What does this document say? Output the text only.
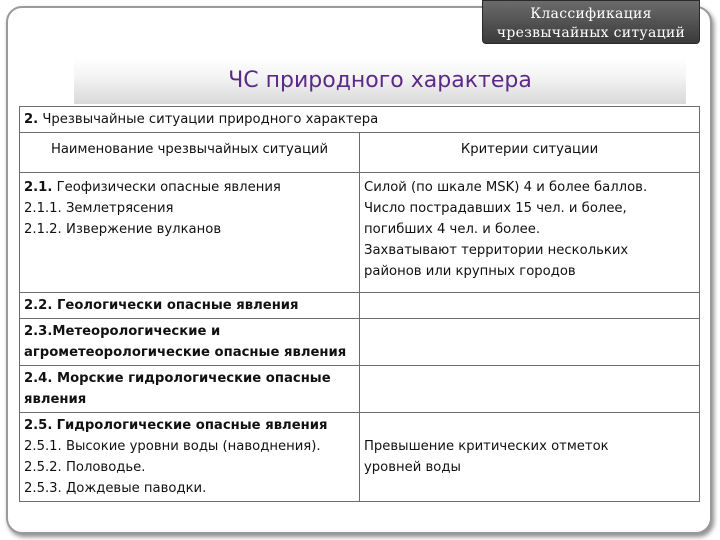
Классификация
чрезвычайных ситуаций
ЧС природного характера
2. Чрезвычайные ситуации природного характера	
Наименование чрезвычайных ситуаций	Критерии ситуации

2.1. Геофизически опасные явления
2.1.1. Землетрясения
2.1.2. Извержение вулканов	Силой (по шкале MSK) 4 и более баллов.
Число пострадавших 15 чел. и более,
погибших 4 чел. и более.
Захватывают территории нескольких
районов или крупных городов

2.2. Геологически опасные явления	

2.3.Метеорологические и
агрометеорологические опасные явления	

2.4. Морские гидрологические опасные
явления	

2.5. Гидрологические опасные явления
2.5.1. Высокие уровни воды (наводнения).
2.5.2. Половодье.
2.5.3. Дождевые паводки.	Превышение критических отметок
уровней воды
